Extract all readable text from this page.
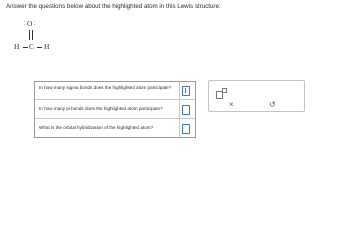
Answer the questions below about the highlighted atom in this Lewis structure:
: O :
H C H
In how many sigma bonds does the highlighted atom participate?
In how many pi bonds does the highlighted atom participate?
What is the orbital hybridization of the highlighted atom?
×	↺
